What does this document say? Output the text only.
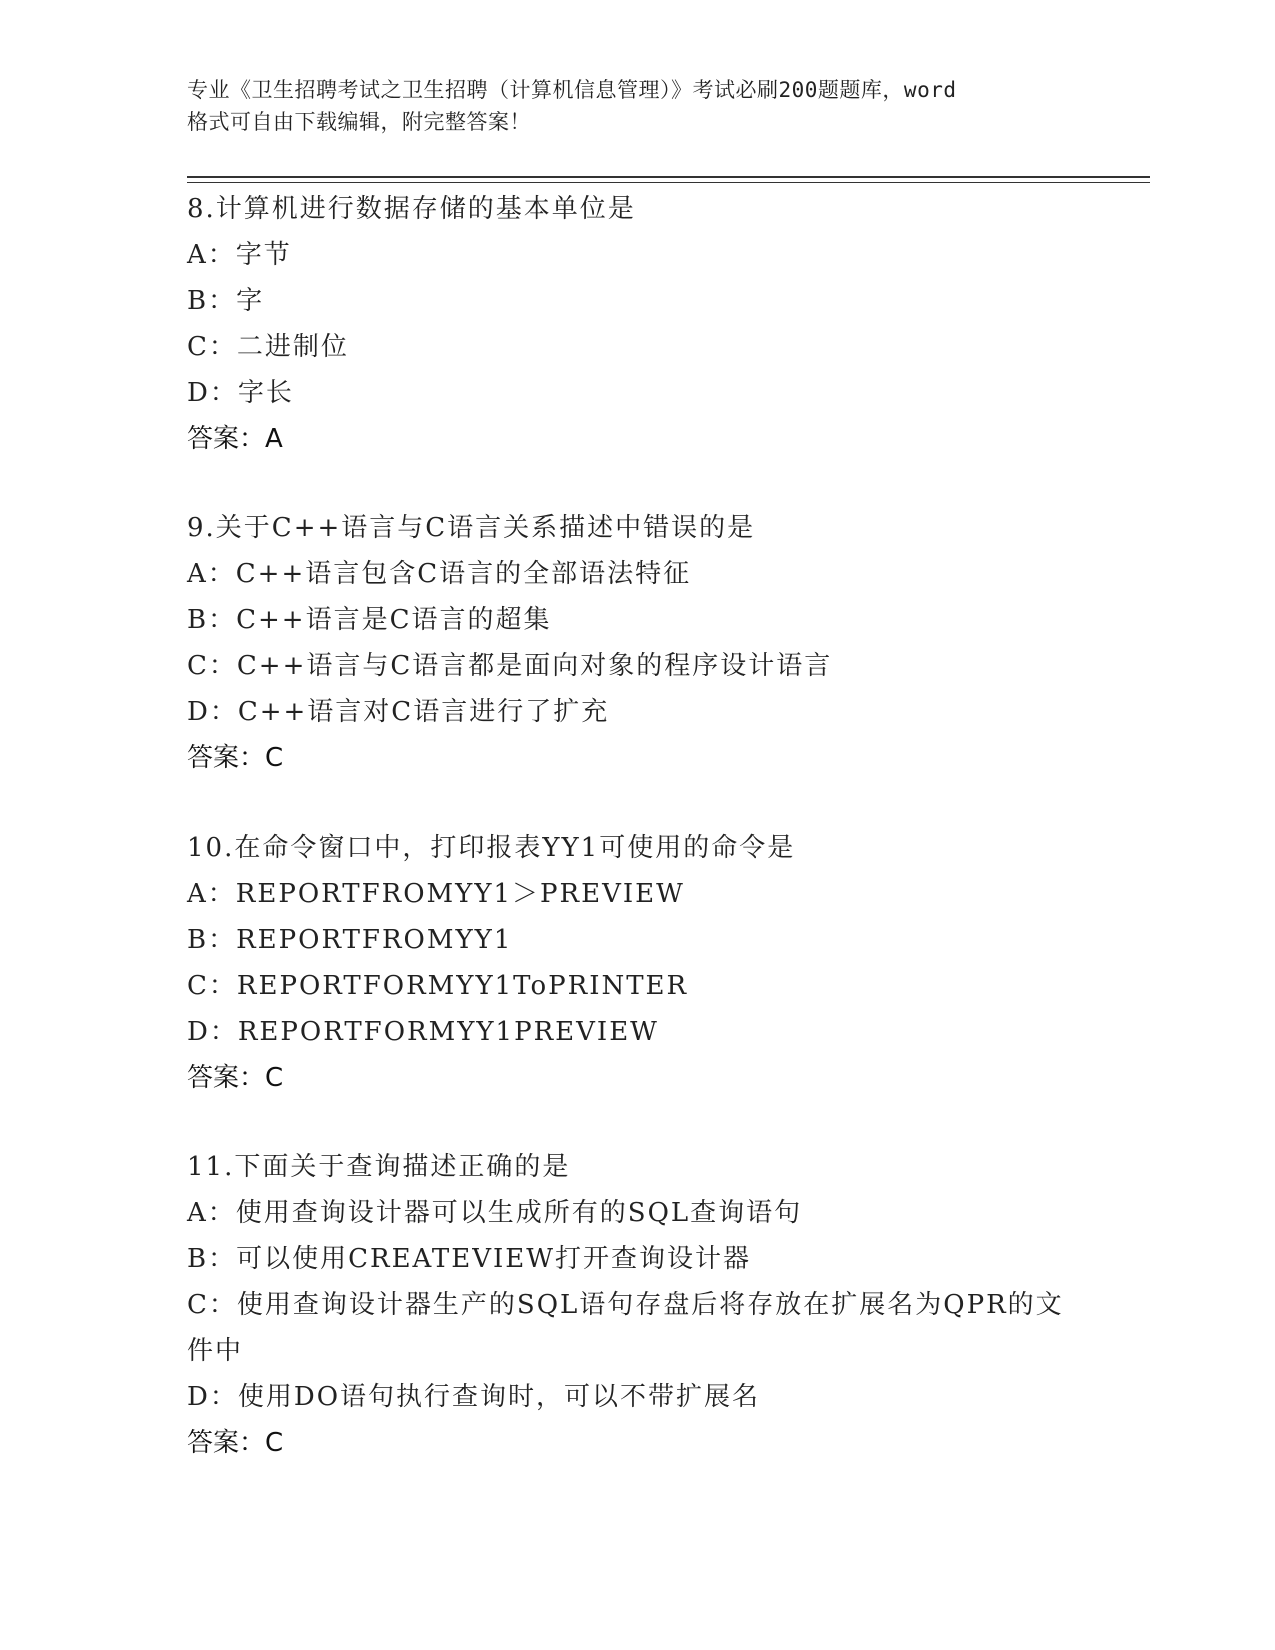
专业《卫生招聘考试之卫生招聘（计算机信息管理）》考试必刷200题题库，word
格式可自由下载编辑，附完整答案！
8.计算机进行数据存储的基本单位是
A：字节
B：字
C：二进制位
D：字长
答案：A
9.关于C++语言与C语言关系描述中错误的是
A：C++语言包含C语言的全部语法特征
B：C++语言是C语言的超集
C：C++语言与C语言都是面向对象的程序设计语言
D：C++语言对C语言进行了扩充
答案：C
10.在命令窗口中，打印报表YY1可使用的命令是
A：REPORTFROMYY1＞PREVIEW
B：REPORTFROMYY1
C：REPORTFORMYY1ToPRINTER
D：REPORTFORMYY1PREVIEW
答案：C
11.下面关于查询描述正确的是
A：使用查询设计器可以生成所有的SQL查询语句
B：可以使用CREATEVIEW打开查询设计器
C：使用查询设计器生产的SQL语句存盘后将存放在扩展名为QPR的文件中
D：使用DO语句执行查询时，可以不带扩展名
答案：C
